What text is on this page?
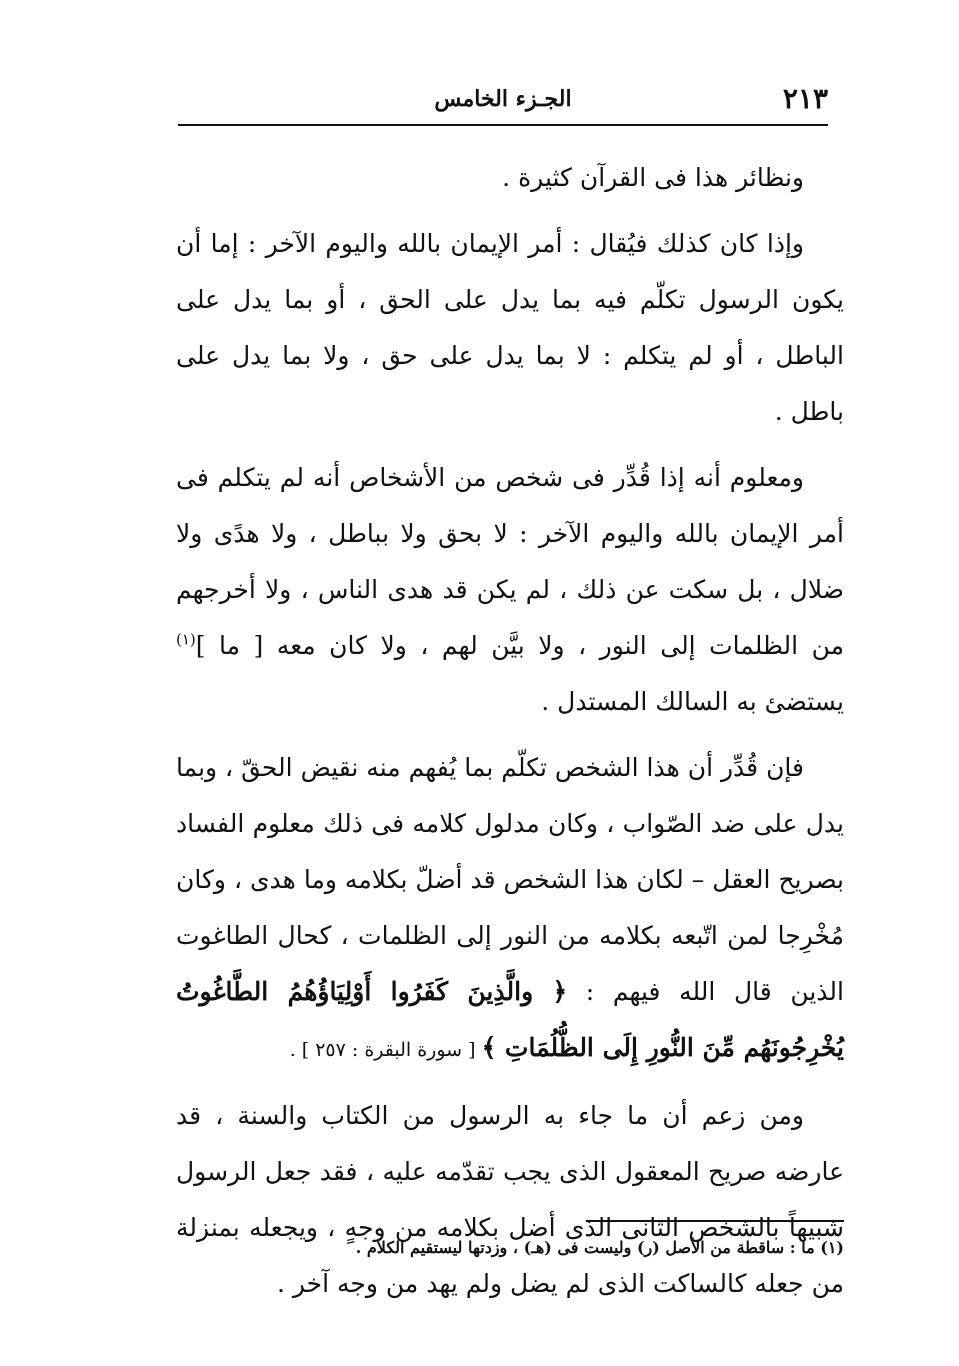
٢١٣
الجـزء الخامس

ونظائر هذا فى القرآن كثيرة .

وإذا كان كذلك فيُقال : أمر الإيمان بالله واليوم الآخر : إما أن يكون الرسول تكلّم فيه بما يدل على الحق ، أو بما يدل على الباطل ، أو لم يتكلم : لا بما يدل على حق ، ولا بما يدل على باطل .

ومعلوم أنه إذا قُدِّر فى شخص من الأشخاص أنه لم يتكلم فى أمر الإيمان بالله واليوم الآخر : لا بحق ولا بباطل ، ولا هدًى ولا ضلال ، بل سكت عن ذلك ، لم يكن قد هدى الناس ، ولا أخرجهم من الظلمات إلى النور ، ولا بيَّن لهم ، ولا كان معه [ ما ]$^{(١)}$ يستضئ به السالك المستدل .

فإن قُدِّر أن هذا الشخص تكلّم بما يُفهم منه نقيض الحقّ ، وبما يدل على ضد الصّواب ، وكان مدلول كلامه فى ذلك معلوم الفساد بصريح العقل – لكان هذا الشخص قد أضلّ بكلامه وما هدى ، وكان مُخْرِجا لمن اتّبعه بكلامه من النور إلى الظلمات ، كحال الطاغوت الذين قال الله فيهم : ﴿ والَّذِينَ كَفَرُوا أَوْلِيَاؤُهُمُ الطَّاغُوتُ يُخْرِجُونَهُم مِّنَ النُّورِ إِلَى الظُّلُمَاتِ ﴾ [ سورة البقرة : ٢٥٧ ] .

ومن زعم أن ما جاء به الرسول من الكتاب والسنة ، قد عارضه صريح المعقول الذى يجب تقدّمه عليه ، فقد جعل الرسول شبيهاً بالشخص الثانى الذى أضل بكلامه من وجهٍ ، ويجعله بمنزلة من جعله كالساكت الذى لم يضل ولم يهد من وجه آخر .

(١) ما : ساقطة من الأصل (ر) وليست فى (هـ) ، وزدتها ليستقيم الكلام .
